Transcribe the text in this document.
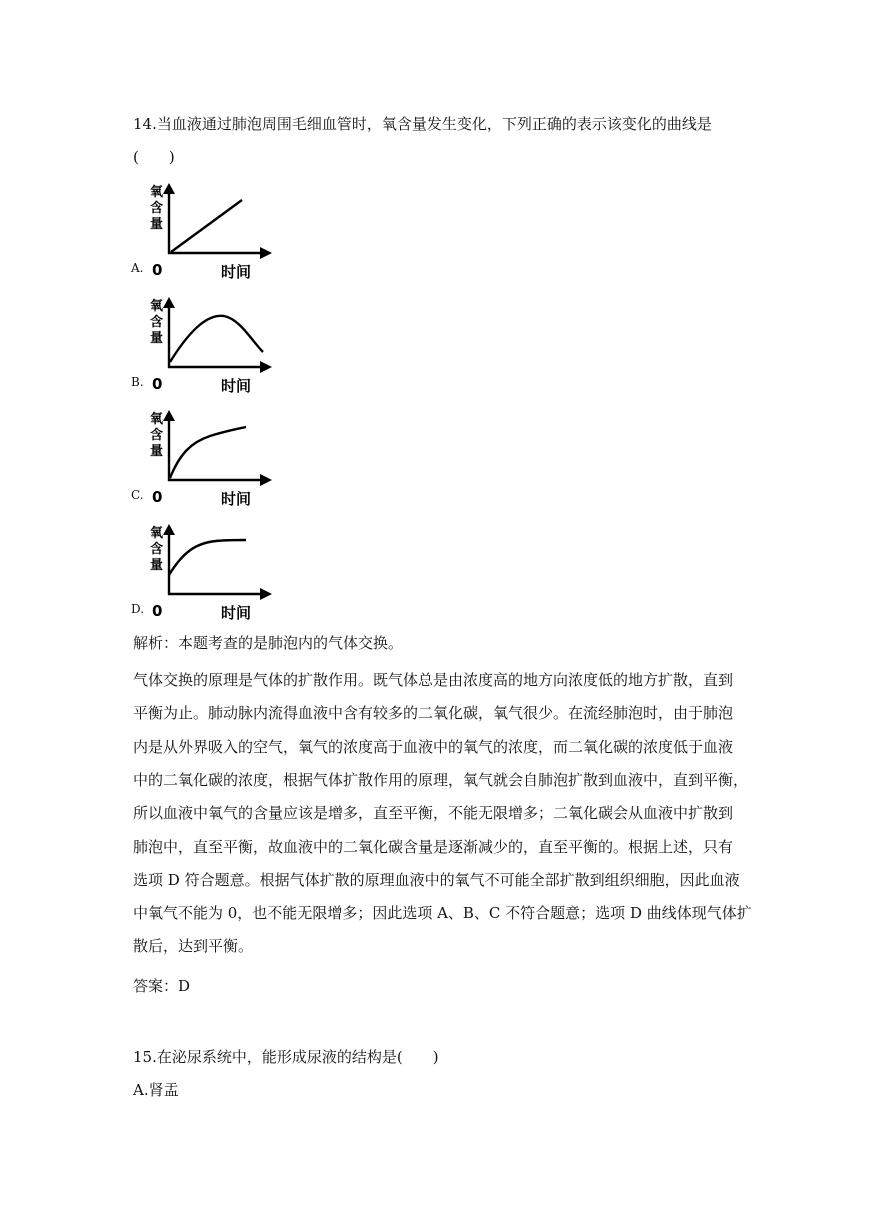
14.当血液通过肺泡周围毛细血管时，氧含量发生变化，下列正确的表示该变化的曲线是
(　　)
A.
氧
含
量
0	时间
B.
氧
含
量
0	时间
C.
氧
含
量
0	时间
D.
氧
含
量
0	时间
解析：本题考查的是肺泡内的气体交换。
气体交换的原理是气体的扩散作用。既气体总是由浓度高的地方向浓度低的地方扩散，直到
平衡为止。肺动脉内流得血液中含有较多的二氧化碳，氧气很少。在流经肺泡时，由于肺泡
内是从外界吸入的空气，氧气的浓度高于血液中的氧气的浓度，而二氧化碳的浓度低于血液
中的二氧化碳的浓度，根据气体扩散作用的原理，氧气就会自肺泡扩散到血液中，直到平衡，
所以血液中氧气的含量应该是增多，直至平衡，不能无限增多；二氧化碳会从血液中扩散到
肺泡中，直至平衡，故血液中的二氧化碳含量是逐渐减少的，直至平衡的。根据上述，只有
选项 D 符合题意。根据气体扩散的原理血液中的氧气不可能全部扩散到组织细胞，因此血液
中氧气不能为 0，也不能无限增多；因此选项 A、B、C 不符合题意；选项 D 曲线体现气体扩
散后，达到平衡。
答案：D
15.在泌尿系统中，能形成尿液的结构是(　　)
A.肾盂
